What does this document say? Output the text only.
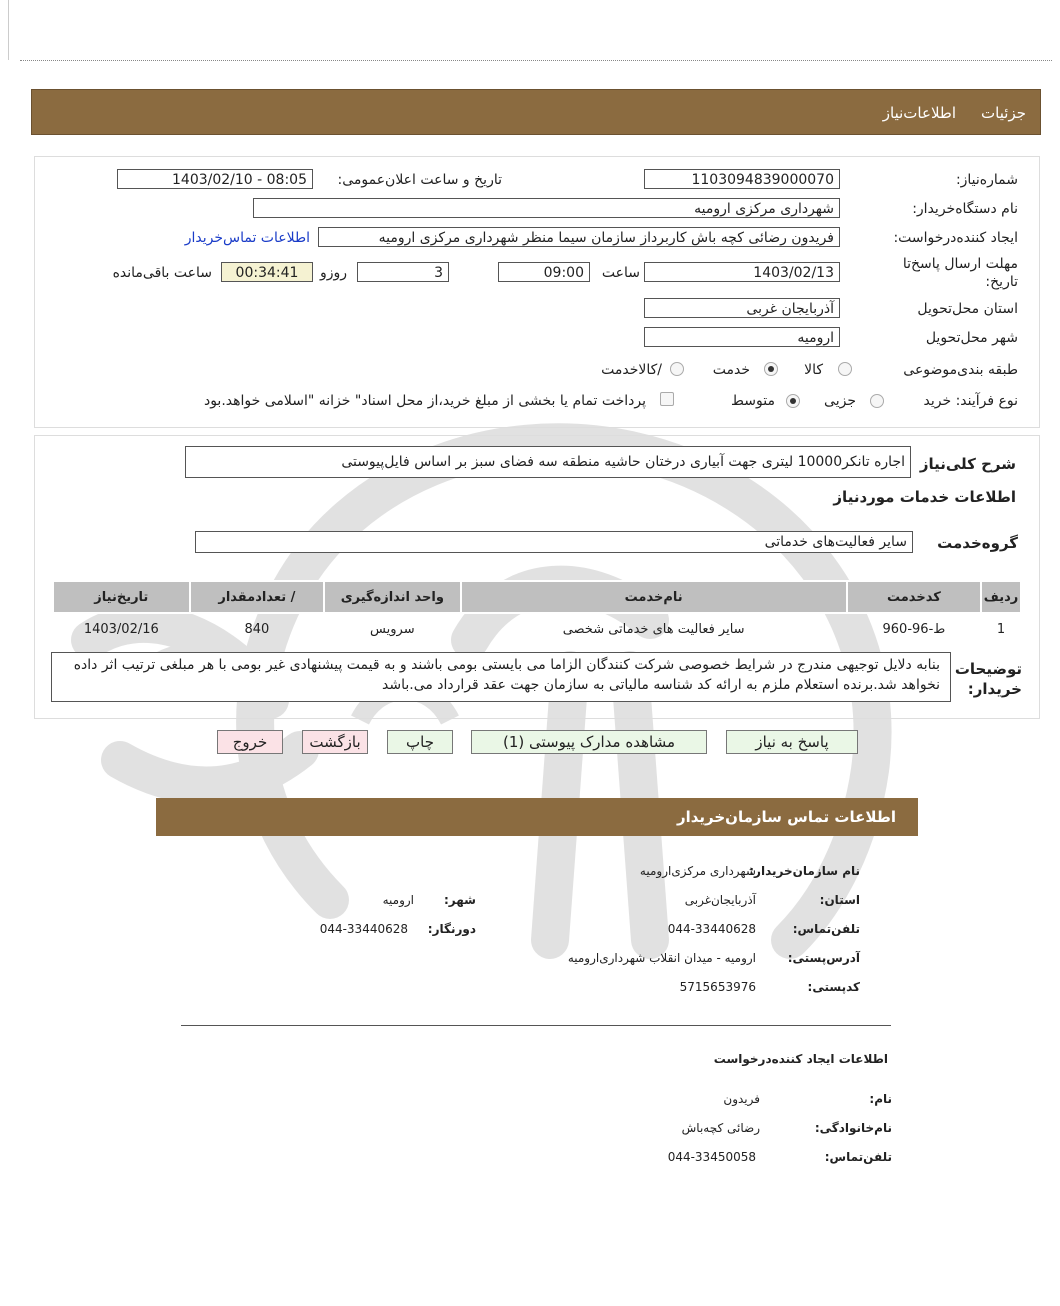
جزئیات
اطلاعات‌نیاز
شماره‌نیاز:
1103094839000070
تاریخ و ساعت اعلان‌عمومی:
1403/02/10 - 08:05
نام دستگاه‌خریدار:
شهرداری مرکزی ارومیه
ایجاد کننده‌درخواست:
فریدون رضائی کچه باش کاربرداز سازمان سیما منظر شهرداری مرکزی ارومیه
اطلاعات تماس‌خریدار
مهلت ارسال پاسخ‌تا
تاریخ:
1403/02/13
ساعت
09:00
3
روزو
00:34:41
ساعت باقی‌مانده
استان محل‌تحویل
آذربایجان غربی
شهر محل‌تحویل
ارومیه
طبقه بندی‌موضوعی
کالا
خدمت
/کالاخدمت
نوع فرآیند: خرید
جزیی
متوسط
پرداخت تمام یا بخشی از مبلغ خرید،از محل اسناد" خزانه "اسلامی خواهد.بود
شرح کلی‌نیاز
اجاره تانکر10000 لیتری جهت آبیاری درختان حاشیه منطقه سه فضای سبز بر اساس فایل‌پیوستی
اطلاعات خدمات موردنیاز
گروه‌خدمت
سایر فعالیت‌های خدماتی
ردیف	کدخدمت	نام‌خدمت	واحد اندازه‌گیری	/ تعدادمقدار	تاریخ‌نیاز
1	ط-96-960	سایر فعالیت های خدماتی شخصی	سرویس	840	1403/02/16
توضیحات
خریدار:
بنابه دلایل توجیهی مندرج در شرایط خصوصی شرکت کنندگان الزاما می بایستی بومی باشند و به قیمت پیشنهادی غیر بومی با هر مبلغی ترتیب اثر داده نخواهد شد.برنده استعلام ملزم به ارائه کد شناسه مالیاتی به سازمان جهت عقد قرارداد می.باشد
پاسخ به نیاز
مشاهده مدارک پیوستی (1)
چاپ
بازگشت
خروج
اطلاعات تماس سازمان‌خریدار
نام سازمان‌خریدار:
شهرداری مرکزی‌ارومیه
استان:
آذربایجان‌غربی
شهر:
ارومیه
تلفن‌تماس:
044-33440628
دورنگار:
044-33440628
آدرس‌پستی:
ارومیه - میدان انقلاب شهرداری‌ارومیه
کدپستی:
5715653976
اطلاعات ایجاد کننده‌درخواست
نام:
فریدون
نام‌خانوادگی:
رضائی کچه‌باش
تلفن‌تماس:
044-33450058
